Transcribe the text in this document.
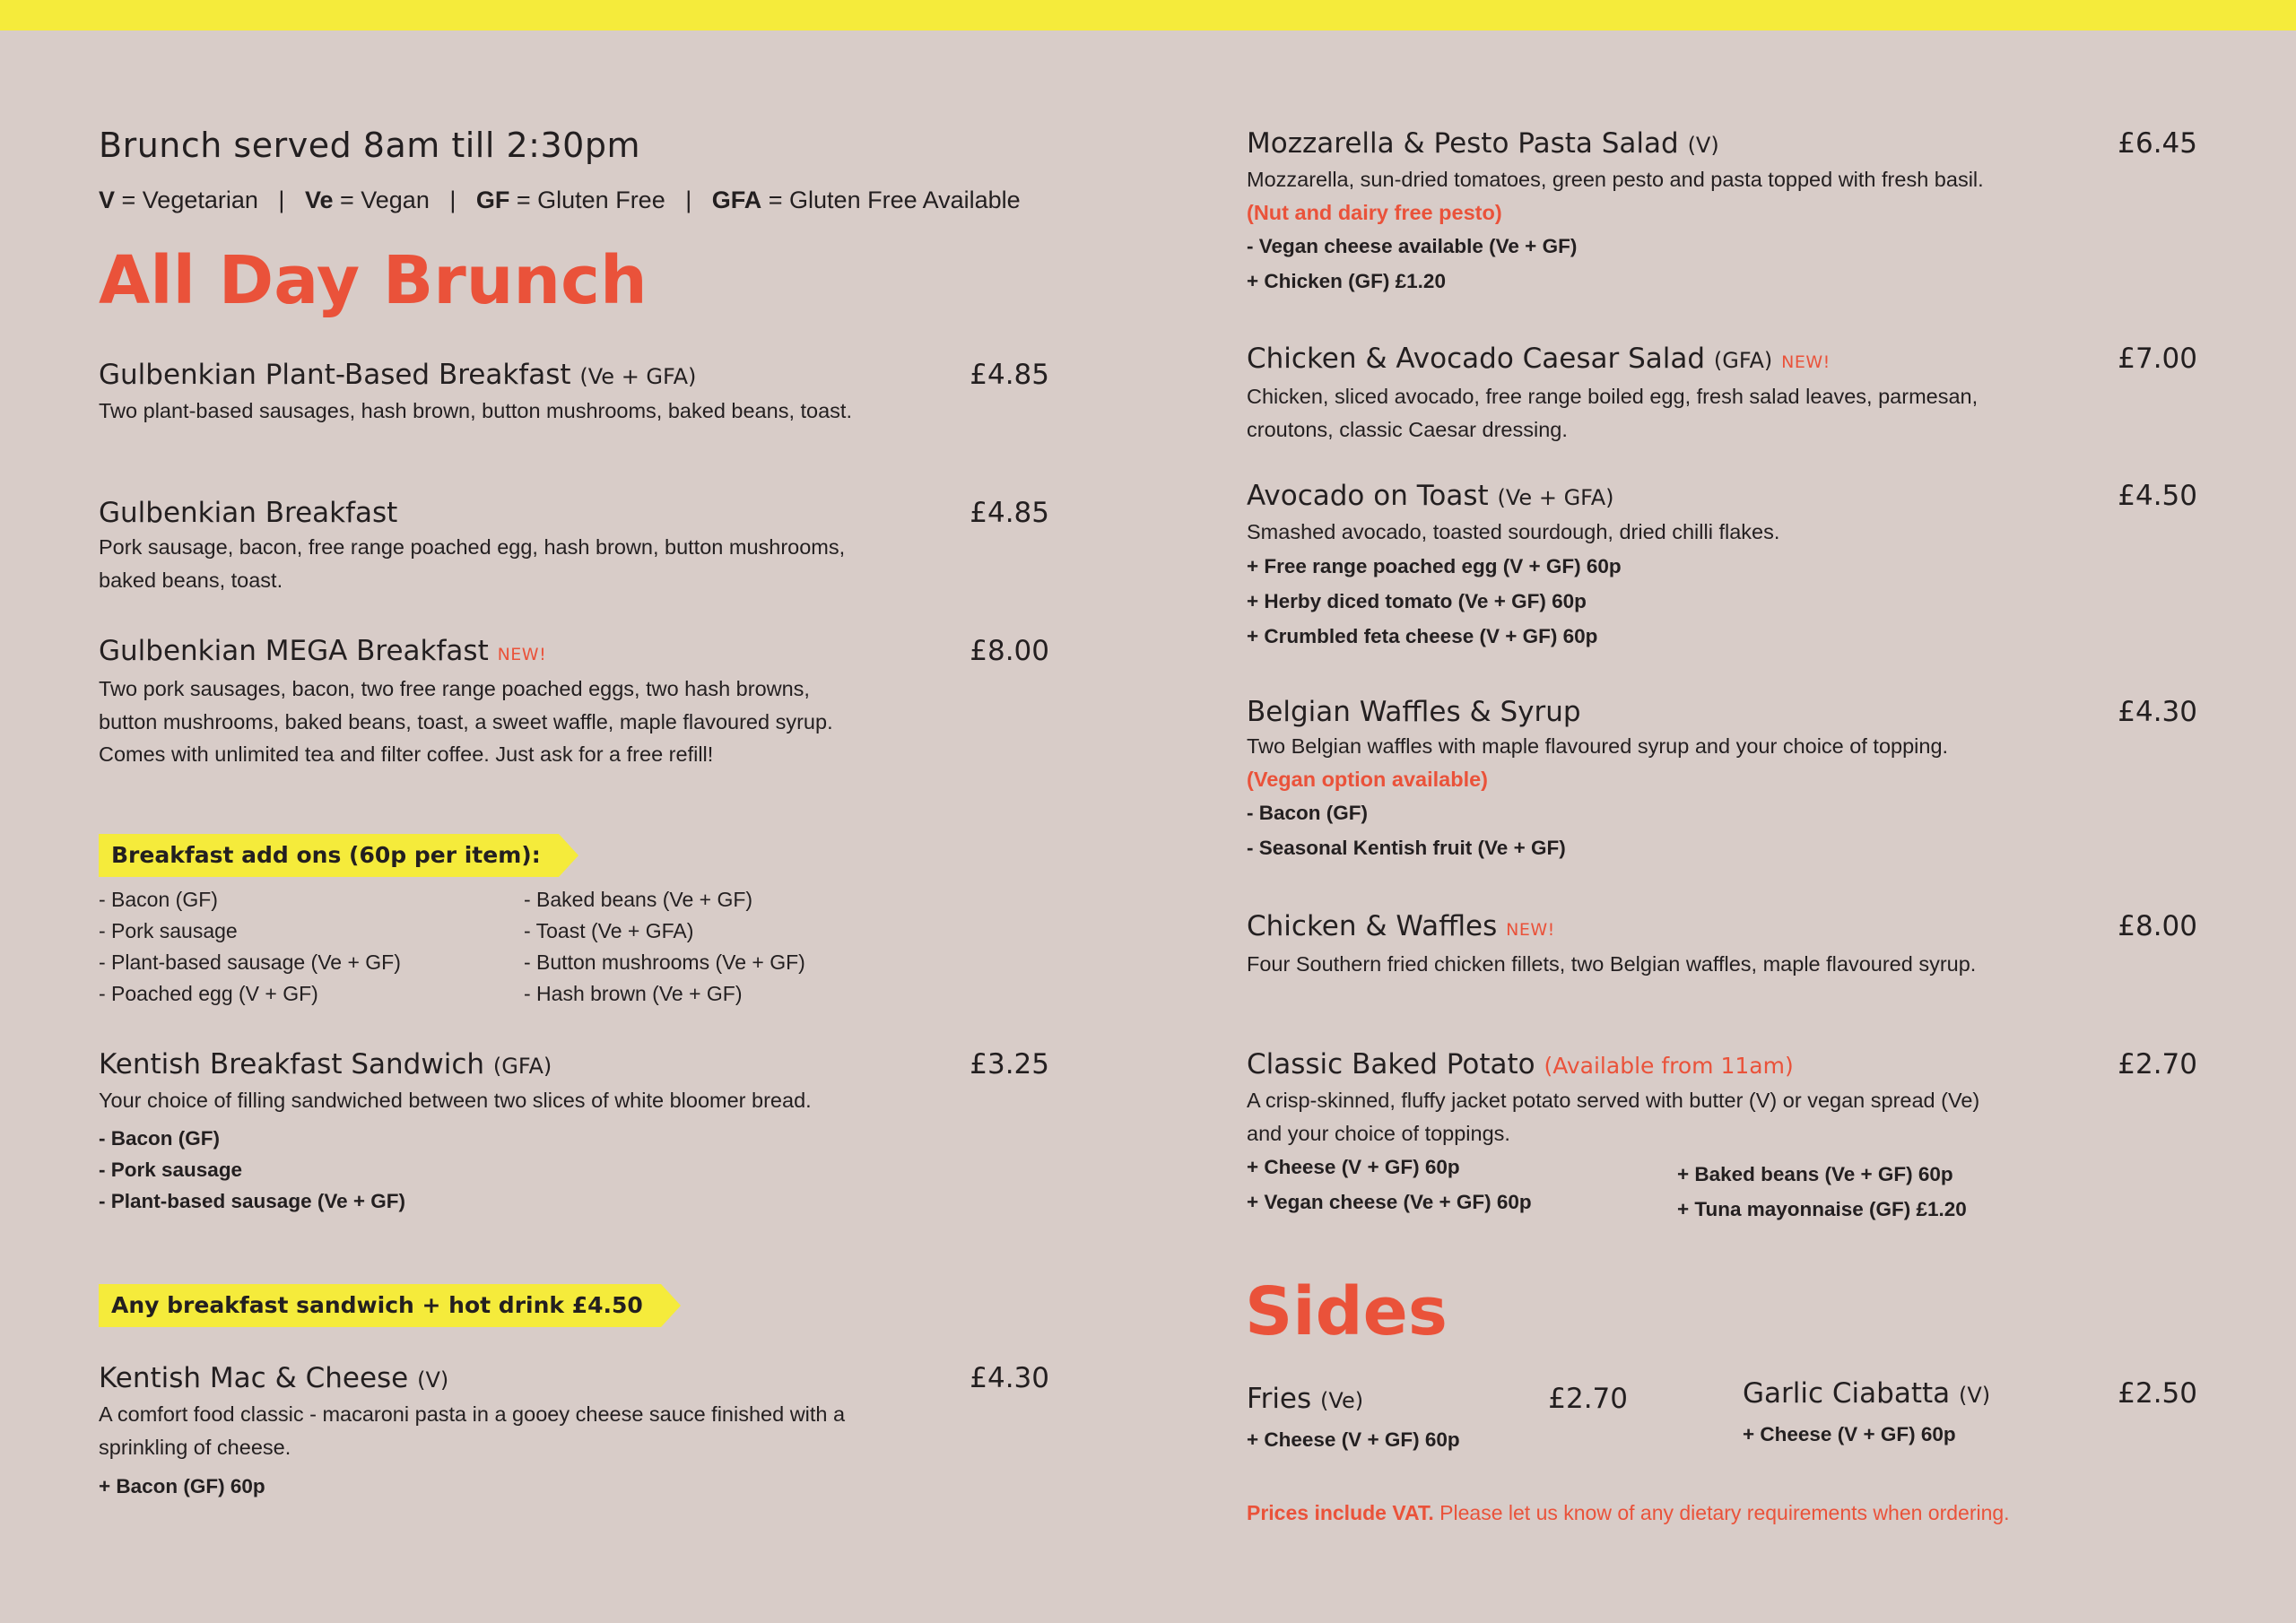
Brunch served 8am till 2:30pm
V = Vegetarian   |   Ve = Vegan   |   GF = Gluten Free   |   GFA = Gluten Free Available
All Day Brunch
Gulbenkian Plant-Based Breakfast (Ve + GFA)	£4.85
Two plant-based sausages, hash brown, button mushrooms, baked beans, toast.
Gulbenkian Breakfast	£4.85
Pork sausage, bacon, free range poached egg, hash brown, button mushrooms, baked beans, toast.
Gulbenkian MEGA Breakfast NEW!	£8.00
Two pork sausages, bacon, two free range poached eggs, two hash browns, button mushrooms, baked beans, toast, a sweet waffle, maple flavoured syrup. Comes with unlimited tea and filter coffee. Just ask for a free refill!
Breakfast add ons (60p per item):
- Bacon (GF)
- Pork sausage
- Plant-based sausage (Ve + GF)
- Poached egg (V + GF)
- Baked beans (Ve + GF)
- Toast (Ve + GFA)
- Button mushrooms (Ve + GF)
- Hash brown (Ve + GF)
Kentish Breakfast Sandwich (GFA)	£3.25
Your choice of filling sandwiched between two slices of white bloomer bread.
- Bacon (GF)
- Pork sausage
- Plant-based sausage (Ve + GF)
Any breakfast sandwich + hot drink £4.50
Kentish Mac & Cheese (V)	£4.30
A comfort food classic - macaroni pasta in a gooey cheese sauce finished with a sprinkling of cheese.
+ Bacon (GF) 60p
Mozzarella & Pesto Pasta Salad (V)	£6.45
Mozzarella, sun-dried tomatoes, green pesto and pasta topped with fresh basil. (Nut and dairy free pesto)
- Vegan cheese available (Ve + GF)
+ Chicken (GF) £1.20
Chicken & Avocado Caesar Salad (GFA) NEW!	£7.00
Chicken, sliced avocado, free range boiled egg, fresh salad leaves, parmesan, croutons, classic Caesar dressing.
Avocado on Toast (Ve + GFA)	£4.50
Smashed avocado, toasted sourdough, dried chilli flakes.
+ Free range poached egg (V + GF) 60p
+ Herby diced tomato (Ve + GF) 60p
+ Crumbled feta cheese (V + GF) 60p
Belgian Waffles & Syrup	£4.30
Two Belgian waffles with maple flavoured syrup and your choice of topping. (Vegan option available)
- Bacon (GF)
- Seasonal Kentish fruit (Ve + GF)
Chicken & Waffles NEW!	£8.00
Four Southern fried chicken fillets, two Belgian waffles, maple flavoured syrup.
Classic Baked Potato (Available from 11am)	£2.70
A crisp-skinned, fluffy jacket potato served with butter (V) or vegan spread (Ve) and your choice of toppings.
+ Cheese (V + GF) 60p
+ Vegan cheese (Ve + GF) 60p
+ Baked beans (Ve + GF) 60p
+ Tuna mayonnaise (GF) £1.20
Sides
Fries (Ve)	£2.70
+ Cheese (V + GF) 60p
Garlic Ciabatta (V)	£2.50
+ Cheese (V + GF) 60p
Prices include VAT. Please let us know of any dietary requirements when ordering.
